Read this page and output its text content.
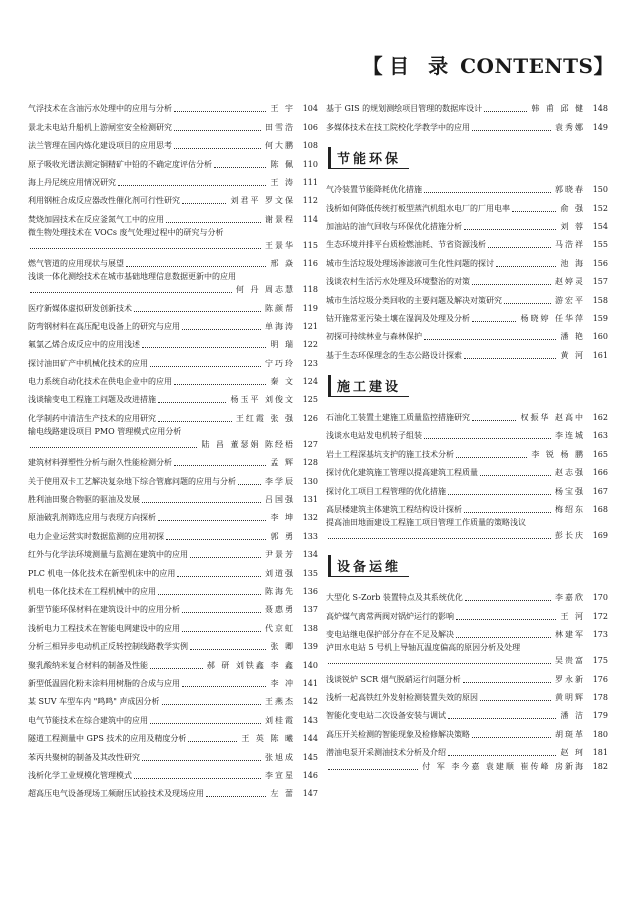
【 目 录 CONTENTS】
气浮技术在含油污水处理中的应用与分析	王 宇 104
景北未电站升船机上游闸室安全检测研究	田雪浩 106
法兰管理在国内炼化建设项目的应用思考	何大鹏 108
原子吸收光谱法测定铜精矿中铅的不确定度评估分析	陈 佩 110
海上丹尼统应用情况研究	王 涛 111
利用钢桩合成反应器改性催化剂可行性研究	刘君平 罗文保 112
焚烧加固技术在反应釜氮气工中的应用	谢景程 114
微生物处理技术在 VOCs 废气处理过程中的研究与分析
王景华 115
燃气管道的应用现状与展望	邢 焱 116
浅谈一体化测绘技术在城市基础地理信息数据更新中的应用
何 丹 周志慧 118
医疗新媒体虚拟研发创新技术	陈颜帮 119
防弯钢材料在高压配电设备上的研究与应用	单海涛 121
氟氯乙烯合成反应中的应用浅述	明 瑞 122
探讨油田矿产中机械化技术的应用	宁巧玲 123
电力系统自动化技术在供电企业中的应用	秦 文 124
浅谈输变电工程施工问题及改进措施	杨玉平 刘俊文 125
化学制药中清洁生产技术的应用研究	王红霞 张 强 126
输电线路建设项目 PMO 管理模式应用分析
陆 昌 董瑟娟 陈经梧 127
建筑材料弹塑性分析与耐久性能检测分析	孟 辉 128
关于使用双卡工艺解决复杂地下综合管廊问题的应用与分析	李学辰 130
胜利油田聚合物驱的驱油及发展	吕国强 131
原油破乳剂筛选应用与表现方向探析	李 坤 132
电力企业运营实时数据监测的应用初探	郭 勇 133
红外与化学法环境测量与监测在建筑中的应用	尹景芳 134
PLC 机电一体化技术在新型机床中的应用	刘道强 135
机电一体化技术在工程机械中的应用	陈海先 136
新型节能环保材料在建筑设计中的应用分析	聂惠勇 137
浅析电力工程技术在智能电网建设中的应用	代京虹 138
分析三相异步电动机正反转控制线路教学实例	张 卿 139
聚乳酸纳米复合材料的制备及性能	郝 研 刘铁鑫 李 鑫 140
新型低温固化粉末涂料用树脂的合成与应用	李 冲 141
某 SUV 车型车内 "鸣鸣" 声成因分析	王燕杰 142
电气节能技术在综合建筑中的应用	刘桂霞 143
隧道工程测量中 GPS 技术的应用及精度分析	王 英 陈 曦 144
苯丙共聚树的制备及其改性研究	张旭成 145
浅析化学工业规模化管理模式	李宣星 146
超高压电气设备现场工频耐压试验技术及现场应用	左 蕾 147
基于 GIS 的规划测绘项目管理的数据库设计	韩 甫 邱 健 148
多媒体技术在技工院校化学教学中的应用	袁秀娜 149
节能环保
气冷装置节能降耗优化措施	郭晓春 150
浅析如何降低传统打板型蒸汽机组水电厂的厂用电率	俞 强 152
加油站的油气回收与环保优化措施分析	刘 蓉 154
生态环境并排平台质检燃油耗、节省资源浅析	马浩祥 155
城市生活垃圾处理场渗滤液可生化性问题的探讨	池 海 156
浅谈农村生活污水处理及环境整治的对策	赵婷灵 157
城市生活垃圾分类回收的主要问题及解决对策研究	游宏平 158
钴开施常亚污染土壤在湿润及处理及分析	杨晓婷 任华萍 159
初探可持续林业与森林保护	潘 艳 160
基于生态环保理念的生态公路设计探索	黄 河 161
施工建设
石油化工装置土建施工质量监控措施研究	权振华 赵高中 162
浅谈水电站发电机转子组装	李连城 163
岩土工程深基坑支护的施工技术分析	李 锐 杨 鹏 165
探讨优化建筑施工管理以提高建筑工程质量	赵志强 166
探讨化工项目工程管理的优化措施	杨宝强 167
高层楼建筑主体建筑工程结构设计探析	梅绍东 168
提高油田地面建设工程施工项目管理工作质量的策略浅议
彭长庆 169
设备运维
大型化 S-Zorb 装置特点及其系统优化	李嘉欣 170
高炉煤气离常两阀对锅炉运行的影响	王 河 172
变电站继电保护部分存在不足及解决	林建军 173
泸田水电站 5 号机上导轴瓦温度偏高的原因分析及处理
吴贵富 175
浅谈锐炉 SCR 烟气脱硝运行问题分析	罗永新 176
浅析一起高铁红外发射检测装置失效的原因	黄明辉 178
智能化变电站二次设备安装与调试	潘 洁 179
高压开关检测的智能现象及检修解决策略	胡斑革 180
潜油电泵开采测油技术分析及介绍	赵 珂 181
付 军 李今嘉 袁建顺 崔传峰 房新海 182
